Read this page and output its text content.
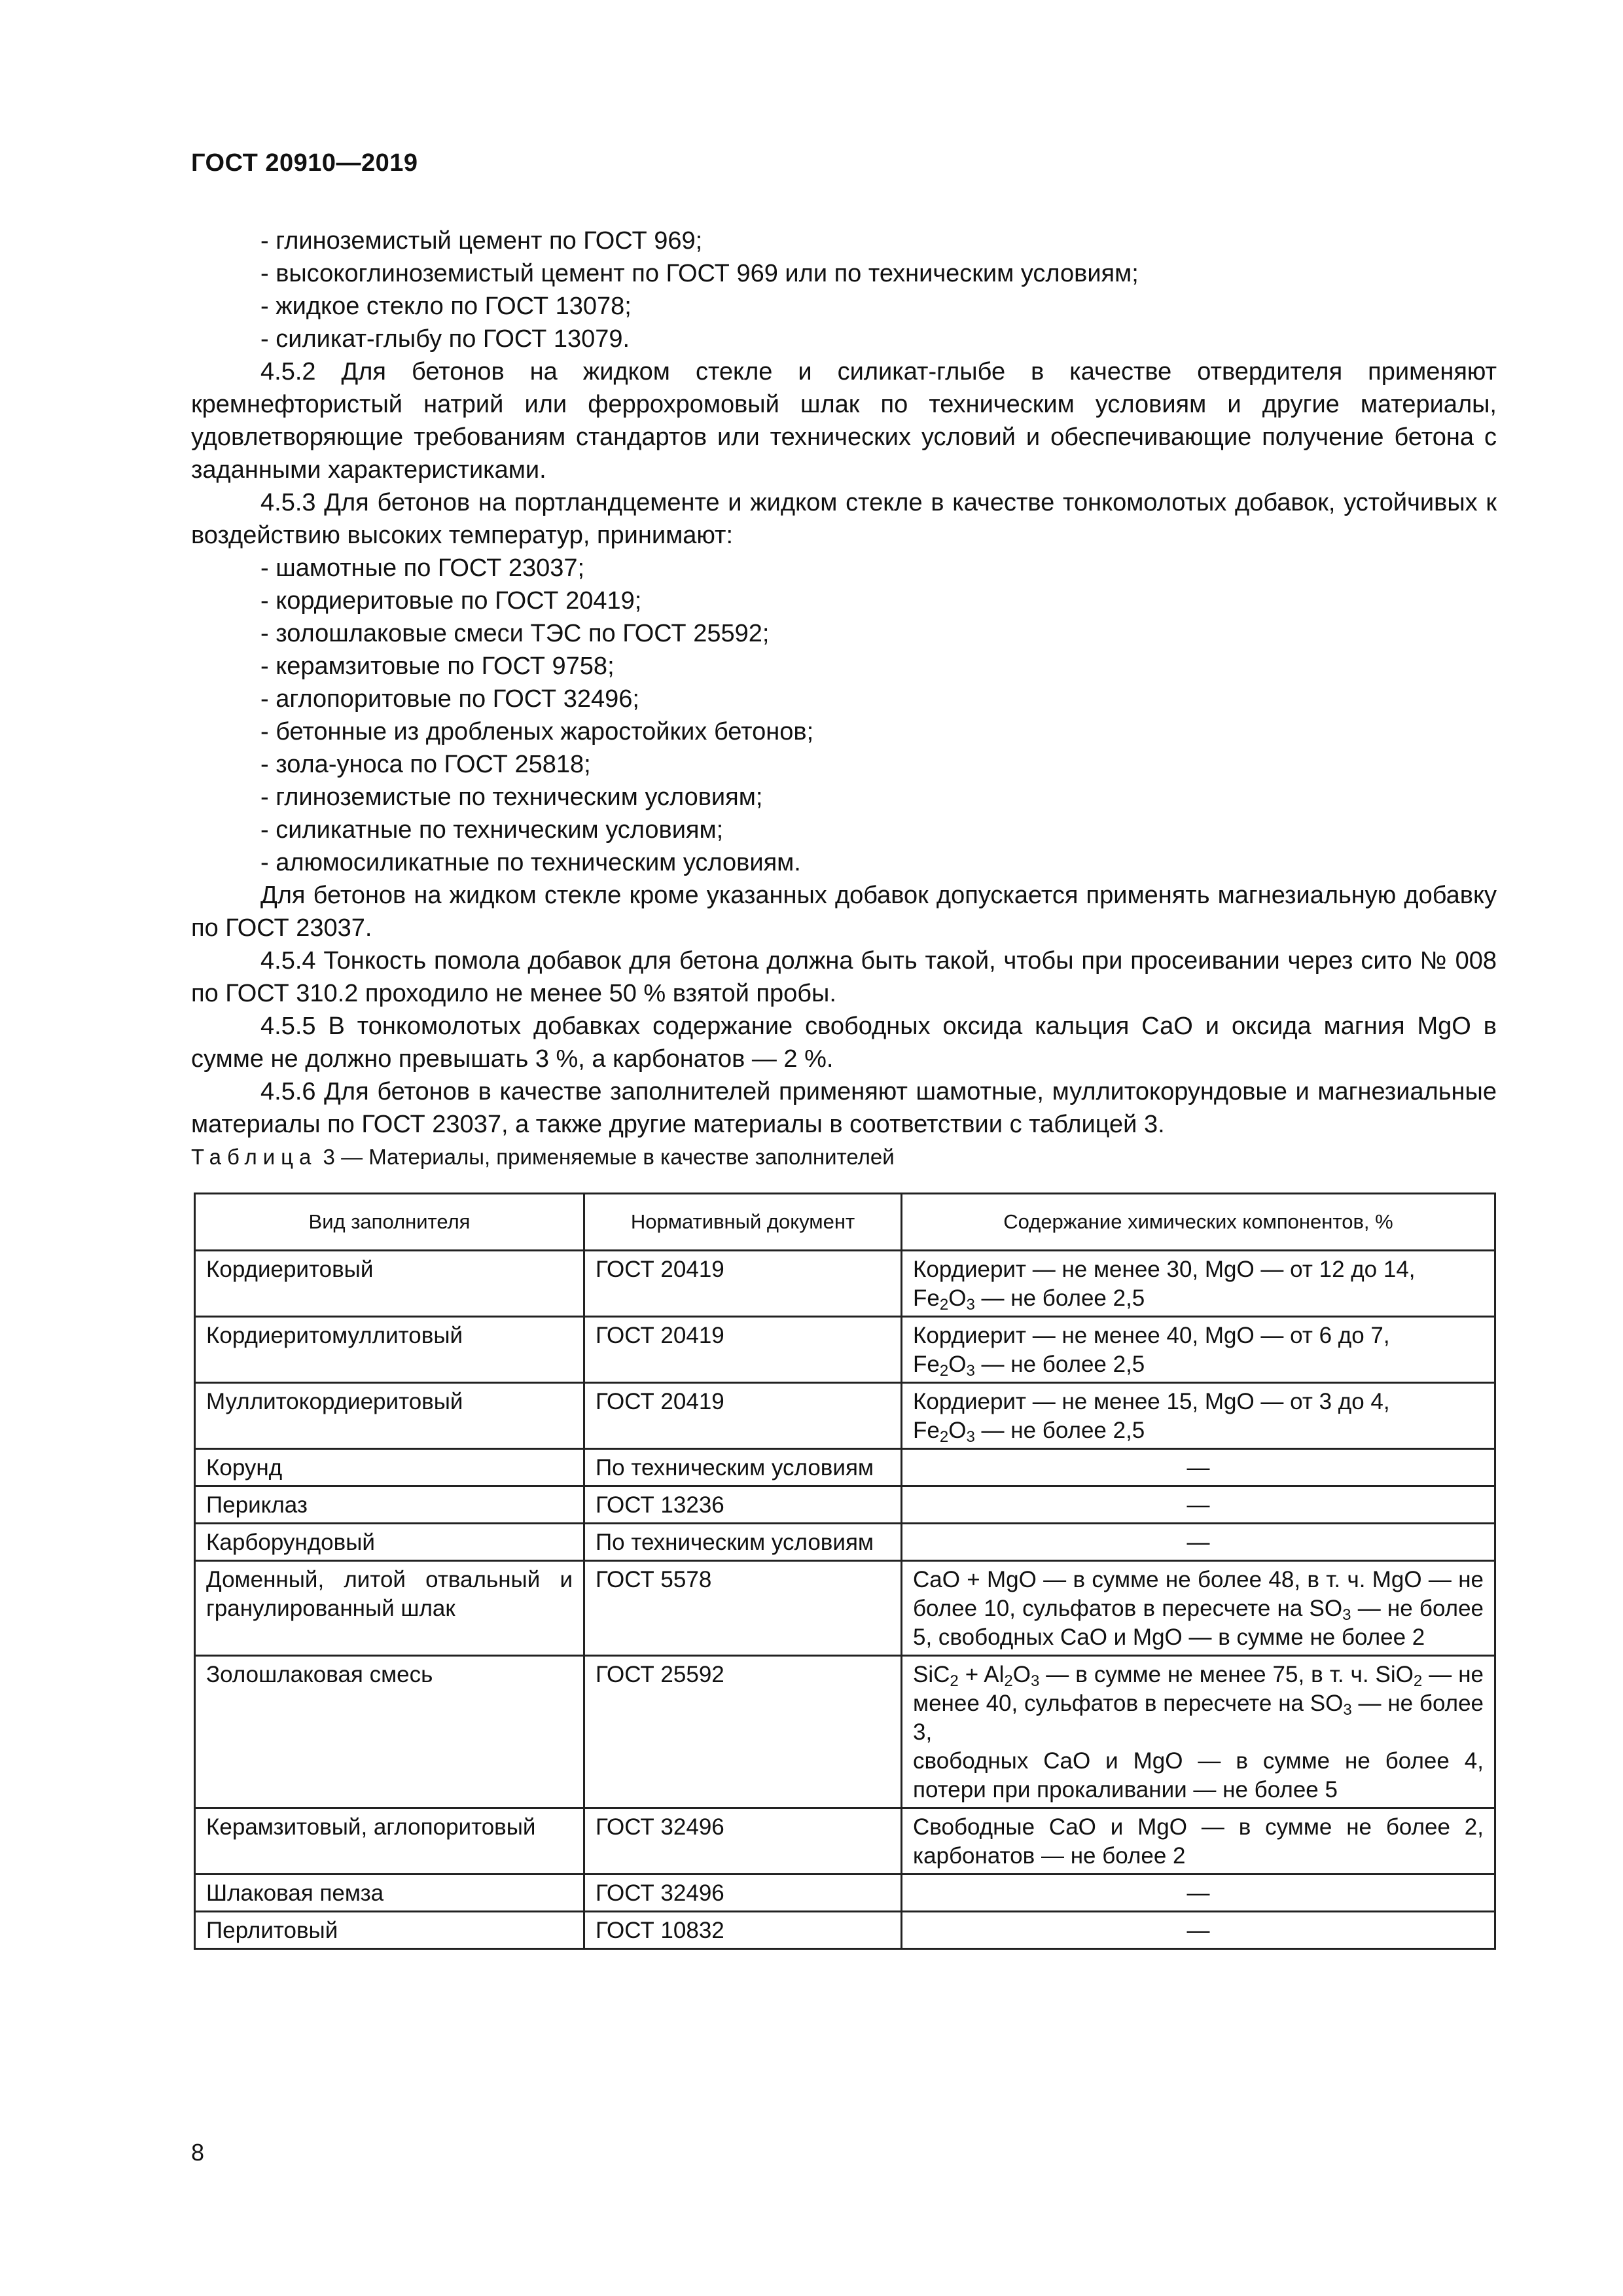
ГОСТ 20910—2019
- глиноземистый цемент по ГОСТ 969;
- высокоглиноземистый цемент по ГОСТ 969 или по техническим условиям;
- жидкое стекло по ГОСТ 13078;
- силикат-глыбу по ГОСТ 13079.
4.5.2 Для бетонов на жидком стекле и силикат-глыбе в качестве отвердителя применяют кремнефтористый натрий или феррохромовый шлак по техническим условиям и другие материалы, удовлетворяющие требованиям стандартов или технических условий и обеспечивающие получение бетона с заданными характеристиками.
4.5.3 Для бетонов на портландцементе и жидком стекле в качестве тонкомолотых добавок, устойчивых к воздействию высоких температур, принимают:
- шамотные по ГОСТ 23037;
- кордиеритовые по ГОСТ 20419;
- золошлаковые смеси ТЭС по ГОСТ 25592;
- керамзитовые по ГОСТ 9758;
- аглопоритовые по ГОСТ 32496;
- бетонные из дробленых жаростойких бетонов;
- зола-уноса по ГОСТ 25818;
- глиноземистые по техническим условиям;
- силикатные по техническим условиям;
- алюмосиликатные по техническим условиям.
Для бетонов на жидком стекле кроме указанных добавок допускается применять магнезиальную добавку по ГОСТ 23037.
4.5.4 Тонкость помола добавок для бетона должна быть такой, чтобы при просеивании через сито № 008 по ГОСТ 310.2 проходило не менее 50 % взятой пробы.
4.5.5 В тонкомолотых добавках содержание свободных оксида кальция СаО и оксида магния MgO в сумме не должно превышать 3 %, а карбонатов — 2 %.
4.5.6 Для бетонов в качестве заполнителей применяют шамотные, муллитокорундовые и магнезиальные материалы по ГОСТ 23037, а также другие материалы в соответствии с таблицей 3.
Таблица 3 — Материалы, применяемые в качестве заполнителей
Вид заполнителя	Нормативный документ	Содержание химических компонентов, %
Кордиеритовый	ГОСТ 20419	Кордиерит — не менее 30, MgO — от 12 до 14,
$Fe_2O_3$ — не более 2,5
Кордиеритомуллитовый	ГОСТ 20419	Кордиерит — не менее 40, MgO — от 6 до 7,
$Fe_2O_3$ — не более 2,5
Муллитокордиеритовый	ГОСТ 20419	Кордиерит — не менее 15, MgO — от 3 до 4,
$Fe_2O_3$ — не более 2,5
Корунд	По техническим условиям	—
Периклаз	ГОСТ 13236	—
Карборундовый	По техническим условиям	—
Доменный, литой отвальный и гранулированный шлак	ГОСТ 5578	CaO + MgO — в сумме не более 48, в т. ч. MgO — не более 10, сульфатов в пересчете на $SO_3$ — не более 5, свободных CaO и MgO — в сумме не более 2
Золошлаковая смесь	ГОСТ 25592	$SiC_2 + Al_2O_3$ — в сумме не менее 75, в т. ч. SiO$_2$ — не менее 40, сульфатов в пересчете на $SO_3$ — не более 3,
свободных CaO и MgO — в сумме не более 4, потери при прокаливании — не более 5
Керамзитовый, аглопоритовый	ГОСТ 32496	Свободные CaO и MgO — в сумме не более 2, карбонатов — не более 2
Шлаковая пемза	ГОСТ 32496	—
Перлитовый	ГОСТ 10832	—
8
